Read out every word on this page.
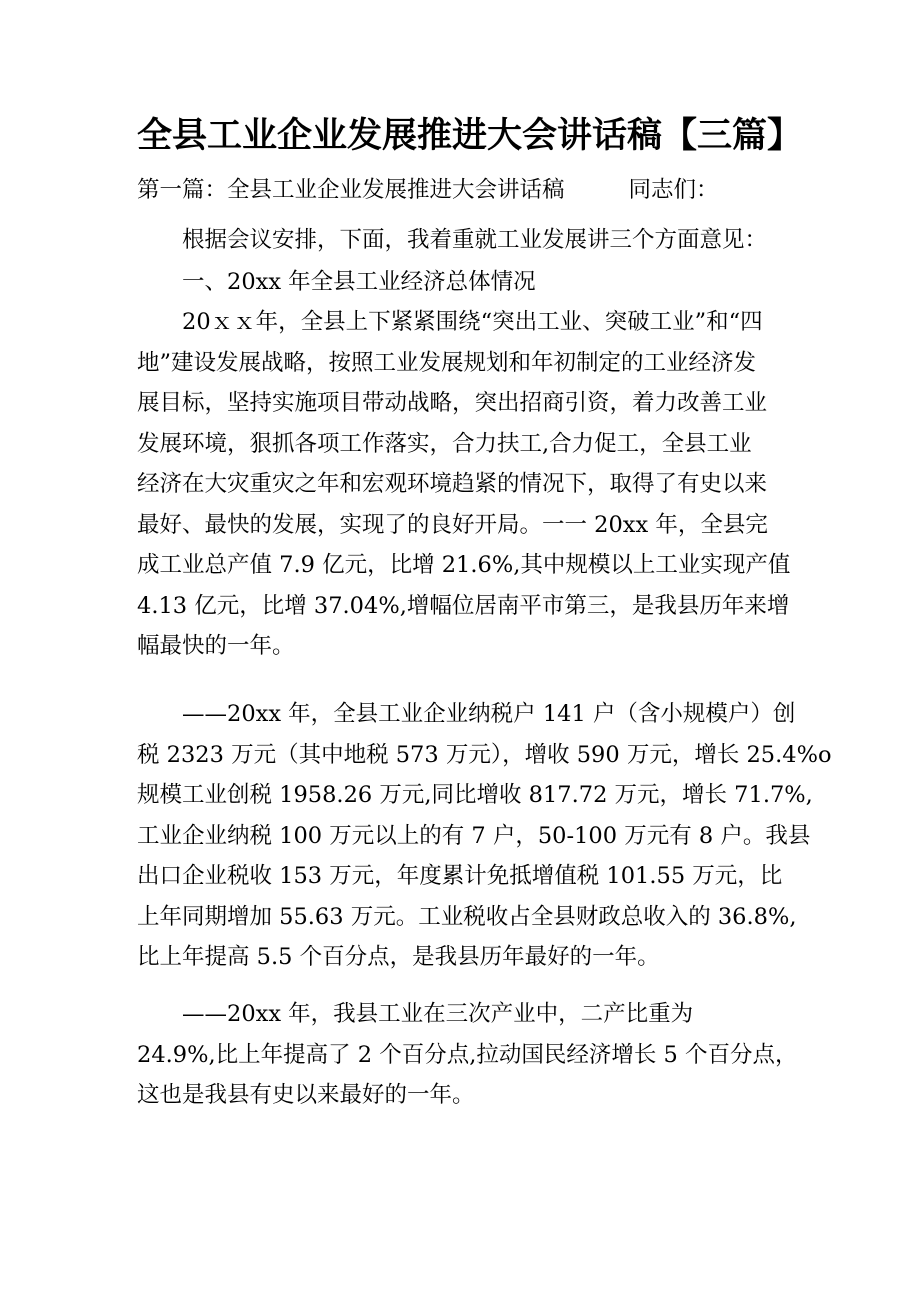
全县工业企业发展推进大会讲话稿【三篇】
第一篇：全县工业企业发展推进大会讲话稿	同志们：
　　根据会议安排，下面，我着重就工业发展讲三个方面意见：
　　一、20xx 年全县工业经济总体情况
　　20ｘｘ年，全县上下紧紧围绕“突出工业、突破工业”和“四
地”建设发展战略，按照工业发展规划和年初制定的工业经济发
展目标，坚持实施项目带动战略，突出招商引资，着力改善工业
发展环境，狠抓各项工作落实，合力扶工,合力促工，全县工业
经济在大灾重灾之年和宏观环境趋紧的情况下，取得了有史以来
最好、最快的发展，实现了的良好开局。一一 20xx 年，全县完
成工业总产值 7.9 亿元，比增 21.6%,其中规模以上工业实现产值
4.13 亿元，比增 37.04%,增幅位居南平市第三，是我县历年来增
幅最快的一年。
　　——20xx 年，全县工业企业纳税户 141 户（含小规模户）创
税 2323 万元（其中地税 573 万元），增收 590 万元，增长 25.4%o
规模工业创税 1958.26 万元,同比增收 817.72 万元，增长 71.7%,
工业企业纳税 100 万元以上的有 7 户，50-100 万元有 8 户。我县
出口企业税收 153 万元，年度累计免抵增值税 101.55 万元，比
上年同期增加 55.63 万元。工业税收占全县财政总收入的 36.8%,
比上年提高 5.5 个百分点，是我县历年最好的一年。
　　——20xx 年，我县工业在三次产业中，二产比重为
24.9%,比上年提高了 2 个百分点,拉动国民经济增长 5 个百分点，
这也是我县有史以来最好的一年。
